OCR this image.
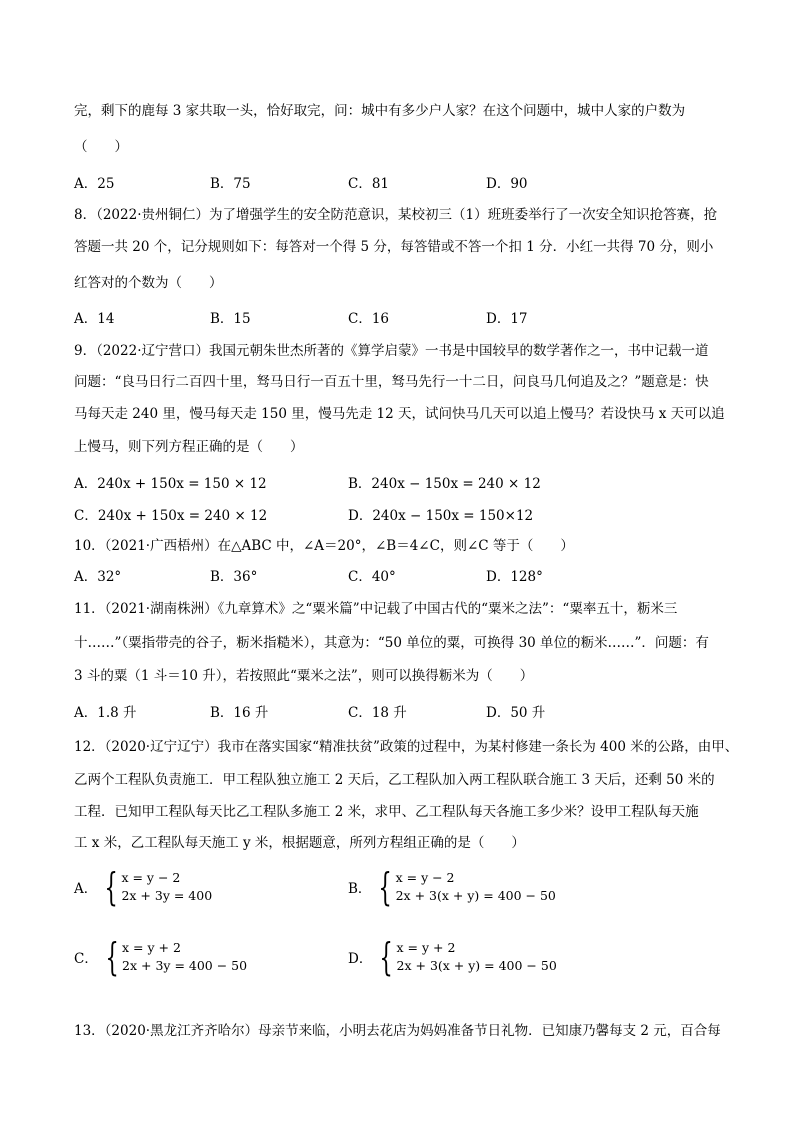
完，剩下的鹿每 3 家共取一头，恰好取完，问：城中有多少户人家？在这个问题中，城中人家的户数为
（　　）
A．25	B．75	C．81	D．90
8．（2022·贵州铜仁）为了增强学生的安全防范意识，某校初三（1）班班委举行了一次安全知识抢答赛，抢
答题一共 20 个，记分规则如下：每答对一个得 5 分，每答错或不答一个扣 1 分．小红一共得 70 分，则小
红答对的个数为（　　）
A．14	B．15	C．16	D．17
9．（2022·辽宁营口）我国元朝朱世杰所著的《算学启蒙》一书是中国较早的数学著作之一，书中记载一道
问题：“良马日行二百四十里，驽马日行一百五十里，驽马先行一十二日，问良马几何追及之？”题意是：快
马每天走 240 里，慢马每天走 150 里，慢马先走 12 天，试问快马几天可以追上慢马？若设快马 x 天可以追
上慢马，则下列方程正确的是（　　）
A．240x + 150x = 150 × 12	B．240x − 150x = 240 × 12
C．240x + 150x = 240 × 12	D．240x − 150x = 150×12
10．（2021·广西梧州）在△ABC 中，∠A＝20°，∠B＝4∠C，则∠C 等于（　　）
A．32°	B．36°	C．40°	D．128°
11．（2021·湖南株洲）《九章算术》之“粟米篇”中记载了中国古代的“粟米之法”：“粟率五十，粝米三
十……”（粟指带壳的谷子，粝米指糙米），其意为：“50 单位的粟，可换得 30 单位的粝米……”．问题：有
3 斗的粟（1 斗＝10 升），若按照此“粟米之法”，则可以换得粝米为（　　）
A．1.8 升	B．16 升	C．18 升	D．50 升
12．（2020·辽宁辽宁）我市在落实国家“精准扶贫”政策的过程中，为某村修建一条长为 400 米的公路，由甲、
乙两个工程队负责施工．甲工程队独立施工 2 天后，乙工程队加入两工程队联合施工 3 天后，还剩 50 米的
工程．已知甲工程队每天比乙工程队多施工 2 米，求甲、乙工程队每天各施工多少米？设甲工程队每天施
工 x 米，乙工程队每天施工 y 米，根据题意，所列方程组正确的是（　　）
A． { x = y − 2
2x + 3y = 400	B． { x = y − 2
2x + 3(x + y) = 400 − 50
C． { x = y + 2
2x + 3y = 400 − 50	D． { x = y + 2
2x + 3(x + y) = 400 − 50
13．（2020·黑龙江齐齐哈尔）母亲节来临，小明去花店为妈妈准备节日礼物．已知康乃馨每支 2 元，百合每
